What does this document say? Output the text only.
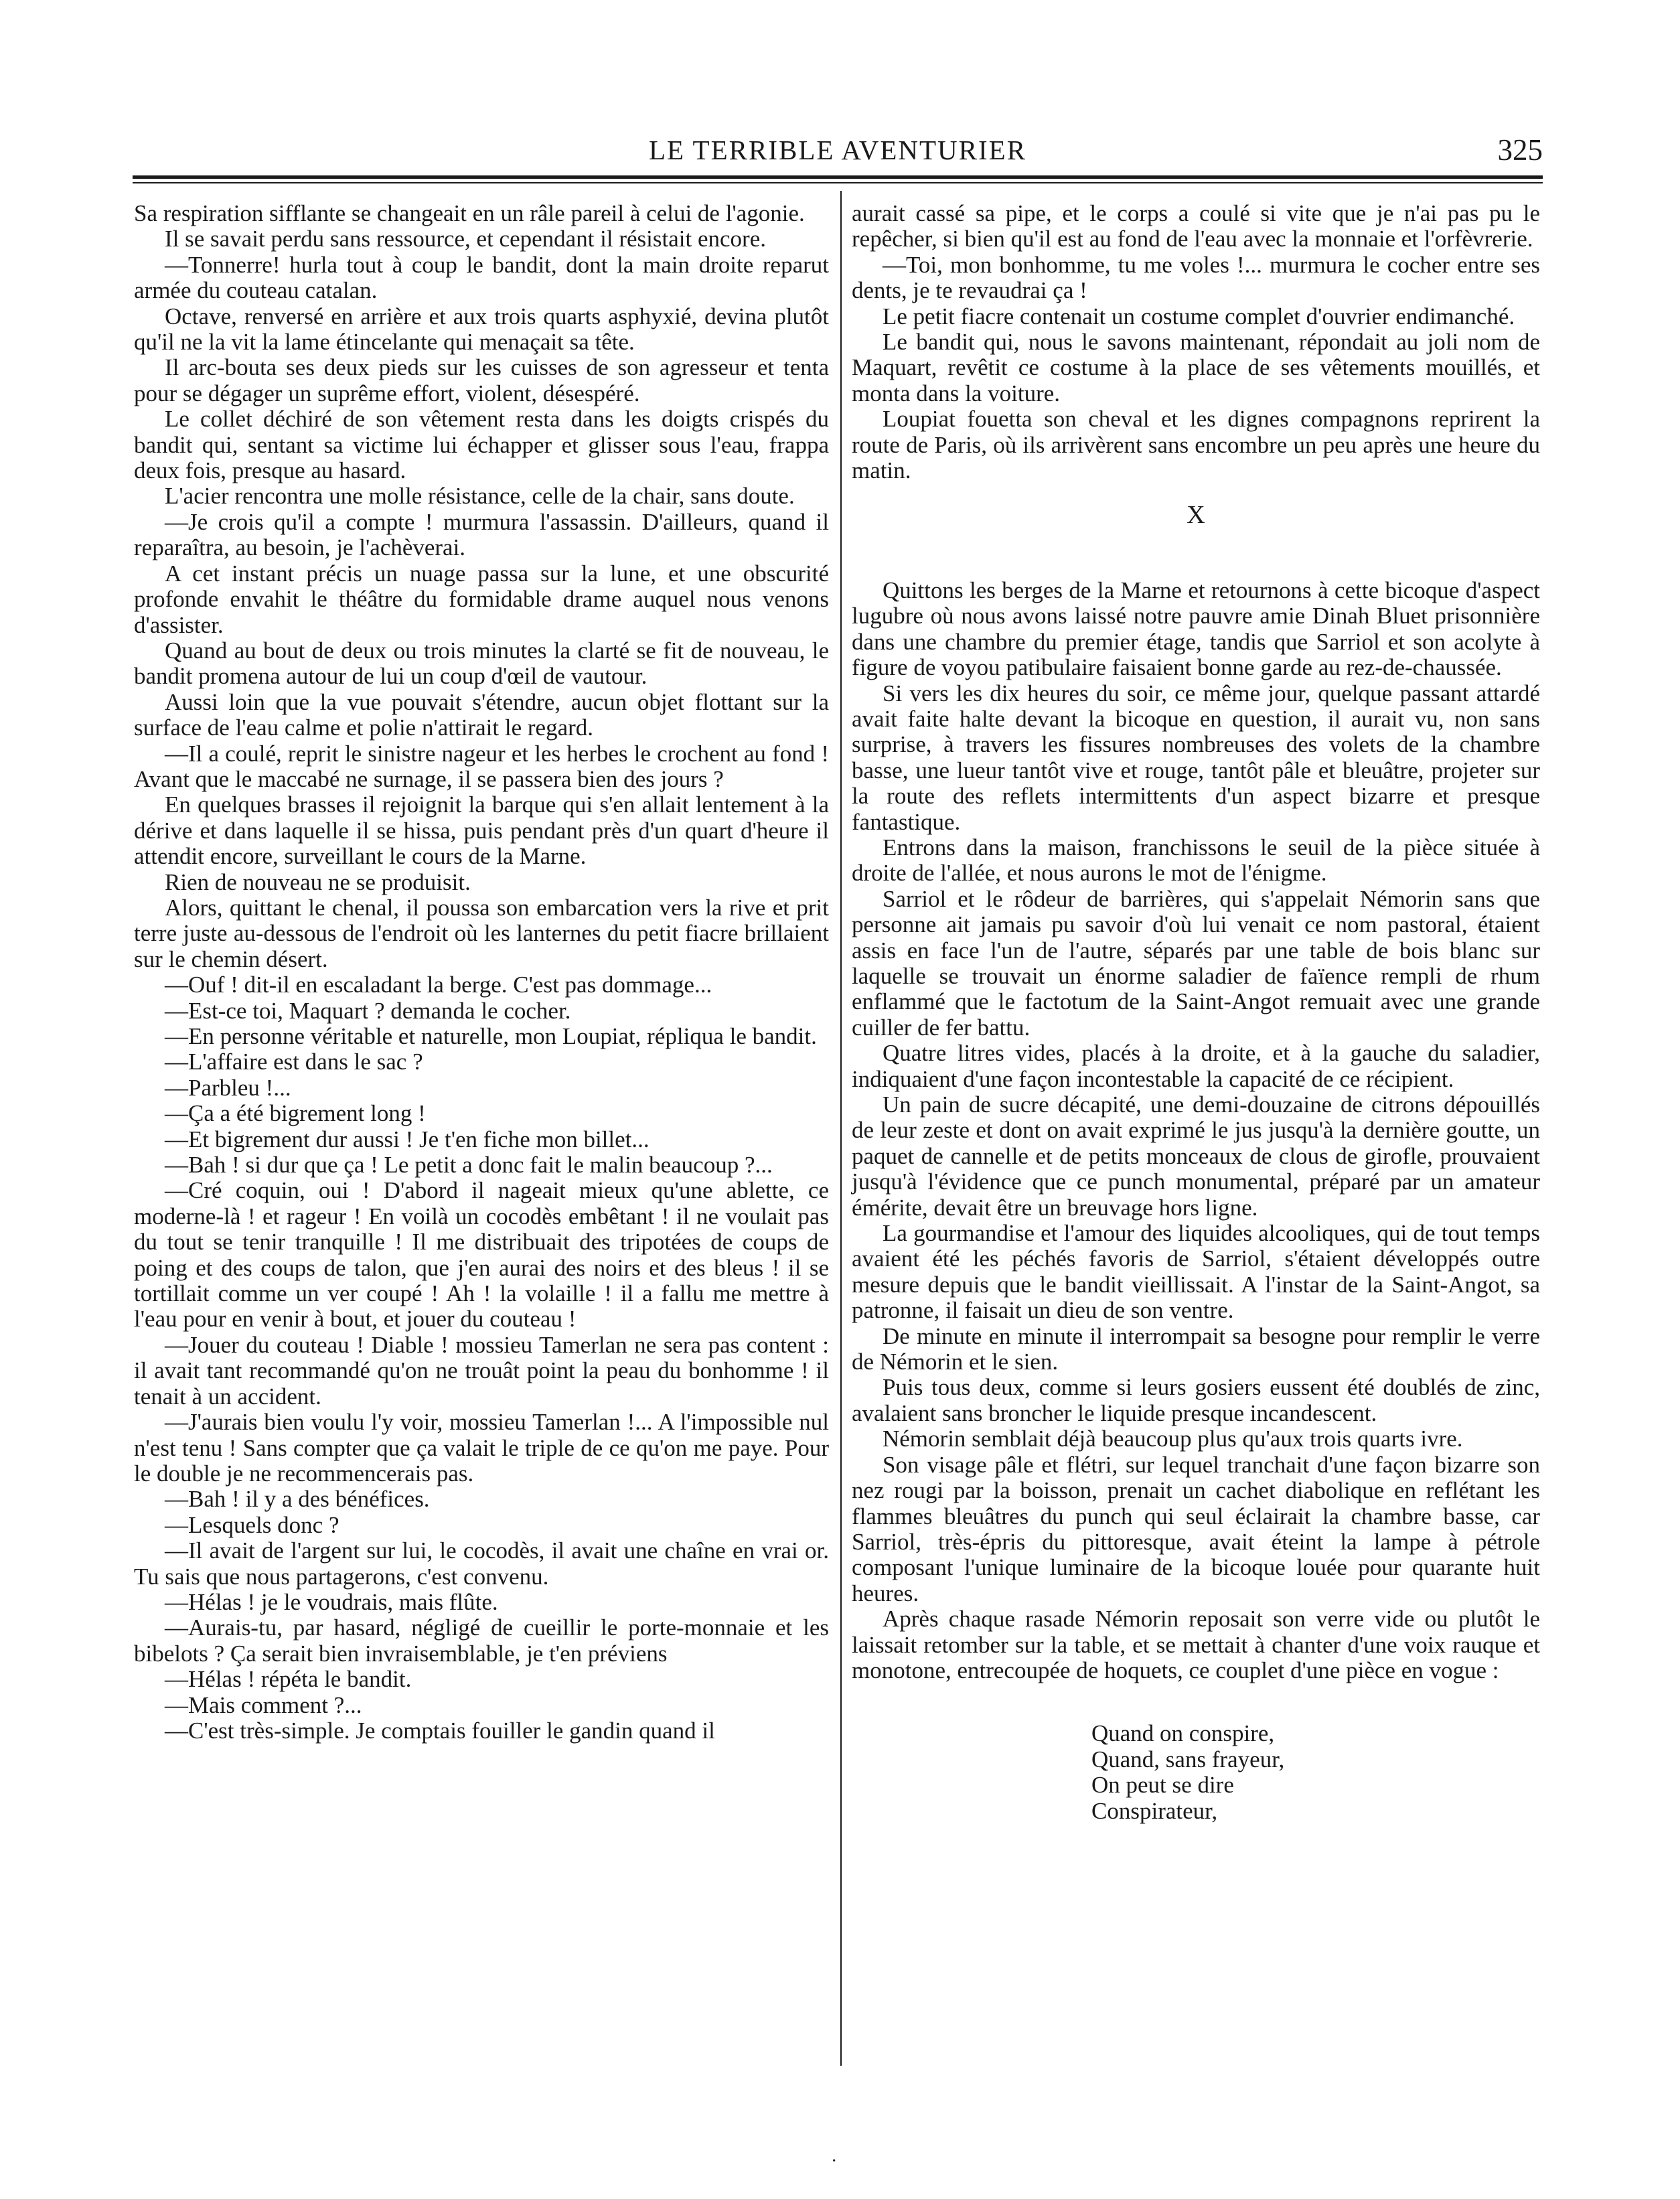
LE TERRIBLE AVENTURIER	325

Sa respiration sifflante se changeait en un râle pareil à celui de l'agonie.

Il se savait perdu sans ressource, et cependant il résistait encore.

—Tonnerre! hurla tout à coup le bandit, dont la main droite reparut armée du couteau catalan.

Octave, renversé en arrière et aux trois quarts asphyxié, devina plutôt qu'il ne la vit la lame étincelante qui menaçait sa tête.

Il arc-bouta ses deux pieds sur les cuisses de son agresseur et tenta pour se dégager un suprême effort, violent, désespéré.

Le collet déchiré de son vêtement resta dans les doigts crispés du bandit qui, sentant sa victime lui échapper et glisser sous l'eau, frappa deux fois, presque au hasard.

L'acier rencontra une molle résistance, celle de la chair, sans doute.

—Je crois qu'il a compte ! murmura l'assassin. D'ailleurs, quand il reparaîtra, au besoin, je l'achèverai.

A cet instant précis un nuage passa sur la lune, et une obscurité profonde envahit le théâtre du formidable drame auquel nous venons d'assister.

Quand au bout de deux ou trois minutes la clarté se fit de nouveau, le bandit promena autour de lui un coup d'œil de vautour.

Aussi loin que la vue pouvait s'étendre, aucun objet flottant sur la surface de l'eau calme et polie n'attirait le regard.

—Il a coulé, reprit le sinistre nageur et les herbes le crochent au fond ! Avant que le maccabé ne surnage, il se passera bien des jours ?

En quelques brasses il rejoignit la barque qui s'en allait lentement à la dérive et dans laquelle il se hissa, puis pendant près d'un quart d'heure il attendit encore, surveillant le cours de la Marne.

Rien de nouveau ne se produisit.

Alors, quittant le chenal, il poussa son embarcation vers la rive et prit terre juste au-dessous de l'endroit où les lanternes du petit fiacre brillaient sur le chemin désert.

—Ouf ! dit-il en escaladant la berge. C'est pas dommage...

—Est-ce toi, Maquart ? demanda le cocher.

—En personne véritable et naturelle, mon Loupiat, répliqua le bandit.

—L'affaire est dans le sac ?

—Parbleu !...

—Ça a été bigrement long !

—Et bigrement dur aussi ! Je t'en fiche mon billet...

—Bah ! si dur que ça ! Le petit a donc fait le malin beaucoup ?...

—Cré coquin, oui ! D'abord il nageait mieux qu'une ablette, ce moderne-là ! et rageur ! En voilà un cocodès embêtant ! il ne voulait pas du tout se tenir tranquille ! Il me distribuait des tripotées de coups de poing et des coups de talon, que j'en aurai des noirs et des bleus ! il se tortillait comme un ver coupé ! Ah ! la volaille ! il a fallu me mettre à l'eau pour en venir à bout, et jouer du couteau !

—Jouer du couteau ! Diable ! mossieu Tamerlan ne sera pas content : il avait tant recommandé qu'on ne trouât point la peau du bonhomme ! il tenait à un accident.

—J'aurais bien voulu l'y voir, mossieu Tamerlan !... A l'impossible nul n'est tenu ! Sans compter que ça valait le triple de ce qu'on me paye. Pour le double je ne recommencerais pas.

—Bah ! il y a des bénéfices.

—Lesquels donc ?

—Il avait de l'argent sur lui, le cocodès, il avait une chaîne en vrai or. Tu sais que nous partagerons, c'est convenu.

—Hélas ! je le voudrais, mais flûte.

—Aurais-tu, par hasard, négligé de cueillir le porte-monnaie et les bibelots ? Ça serait bien invraisemblable, je t'en préviens

—Hélas ! répéta le bandit.

—Mais comment ?...

—C'est très-simple. Je comptais fouiller le gandin quand il

aurait cassé sa pipe, et le corps a coulé si vite que je n'ai pas pu le repêcher, si bien qu'il est au fond de l'eau avec la monnaie et l'orfèvrerie.

—Toi, mon bonhomme, tu me voles !... murmura le cocher entre ses dents, je te revaudrai ça !

Le petit fiacre contenait un costume complet d'ouvrier endimanché.

Le bandit qui, nous le savons maintenant, répondait au joli nom de Maquart, revêtit ce costume à la place de ses vêtements mouillés, et monta dans la voiture.

Loupiat fouetta son cheval et les dignes compagnons reprirent la route de Paris, où ils arrivèrent sans encombre un peu après une heure du matin.

X

Quittons les berges de la Marne et retournons à cette bicoque d'aspect lugubre où nous avons laissé notre pauvre amie Dinah Bluet prisonnière dans une chambre du premier étage, tandis que Sarriol et son acolyte à figure de voyou patibulaire faisaient bonne garde au rez-de-chaussée.

Si vers les dix heures du soir, ce même jour, quelque passant attardé avait faite halte devant la bicoque en question, il aurait vu, non sans surprise, à travers les fissures nombreuses des volets de la chambre basse, une lueur tantôt vive et rouge, tantôt pâle et bleuâtre, projeter sur la route des reflets intermittents d'un aspect bizarre et presque fantastique.

Entrons dans la maison, franchissons le seuil de la pièce située à droite de l'allée, et nous aurons le mot de l'énigme.

Sarriol et le rôdeur de barrières, qui s'appelait Némorin sans que personne ait jamais pu savoir d'où lui venait ce nom pastoral, étaient assis en face l'un de l'autre, séparés par une table de bois blanc sur laquelle se trouvait un énorme saladier de faïence rempli de rhum enflammé que le factotum de la Saint-Angot remuait avec une grande cuiller de fer battu.

Quatre litres vides, placés à la droite, et à la gauche du saladier, indiquaient d'une façon incontestable la capacité de ce récipient.

Un pain de sucre décapité, une demi-douzaine de citrons dépouillés de leur zeste et dont on avait exprimé le jus jusqu'à la dernière goutte, un paquet de cannelle et de petits monceaux de clous de girofle, prouvaient jusqu'à l'évidence que ce punch monumental, préparé par un amateur émérite, devait être un breuvage hors ligne.

La gourmandise et l'amour des liquides alcooliques, qui de tout temps avaient été les péchés favoris de Sarriol, s'étaient développés outre mesure depuis que le bandit vieillissait. A l'instar de la Saint-Angot, sa patronne, il faisait un dieu de son ventre.

De minute en minute il interrompait sa besogne pour remplir le verre de Némorin et le sien.

Puis tous deux, comme si leurs gosiers eussent été doublés de zinc, avalaient sans broncher le liquide presque incandescent.

Némorin semblait déjà beaucoup plus qu'aux trois quarts ivre.

Son visage pâle et flétri, sur lequel tranchait d'une façon bizarre son nez rougi par la boisson, prenait un cachet diabolique en reflétant les flammes bleuâtres du punch qui seul éclairait la chambre basse, car Sarriol, très-épris du pittoresque, avait éteint la lampe à pétrole composant l'unique luminaire de la bicoque louée pour quarante huit heures.

Après chaque rasade Némorin reposait son verre vide ou plutôt le laissait retomber sur la table, et se mettait à chanter d'une voix rauque et monotone, entrecoupée de hoquets, ce couplet d'une pièce en vogue :

Quand on conspire,
Quand, sans frayeur,
On peut se dire
Conspirateur,
·
